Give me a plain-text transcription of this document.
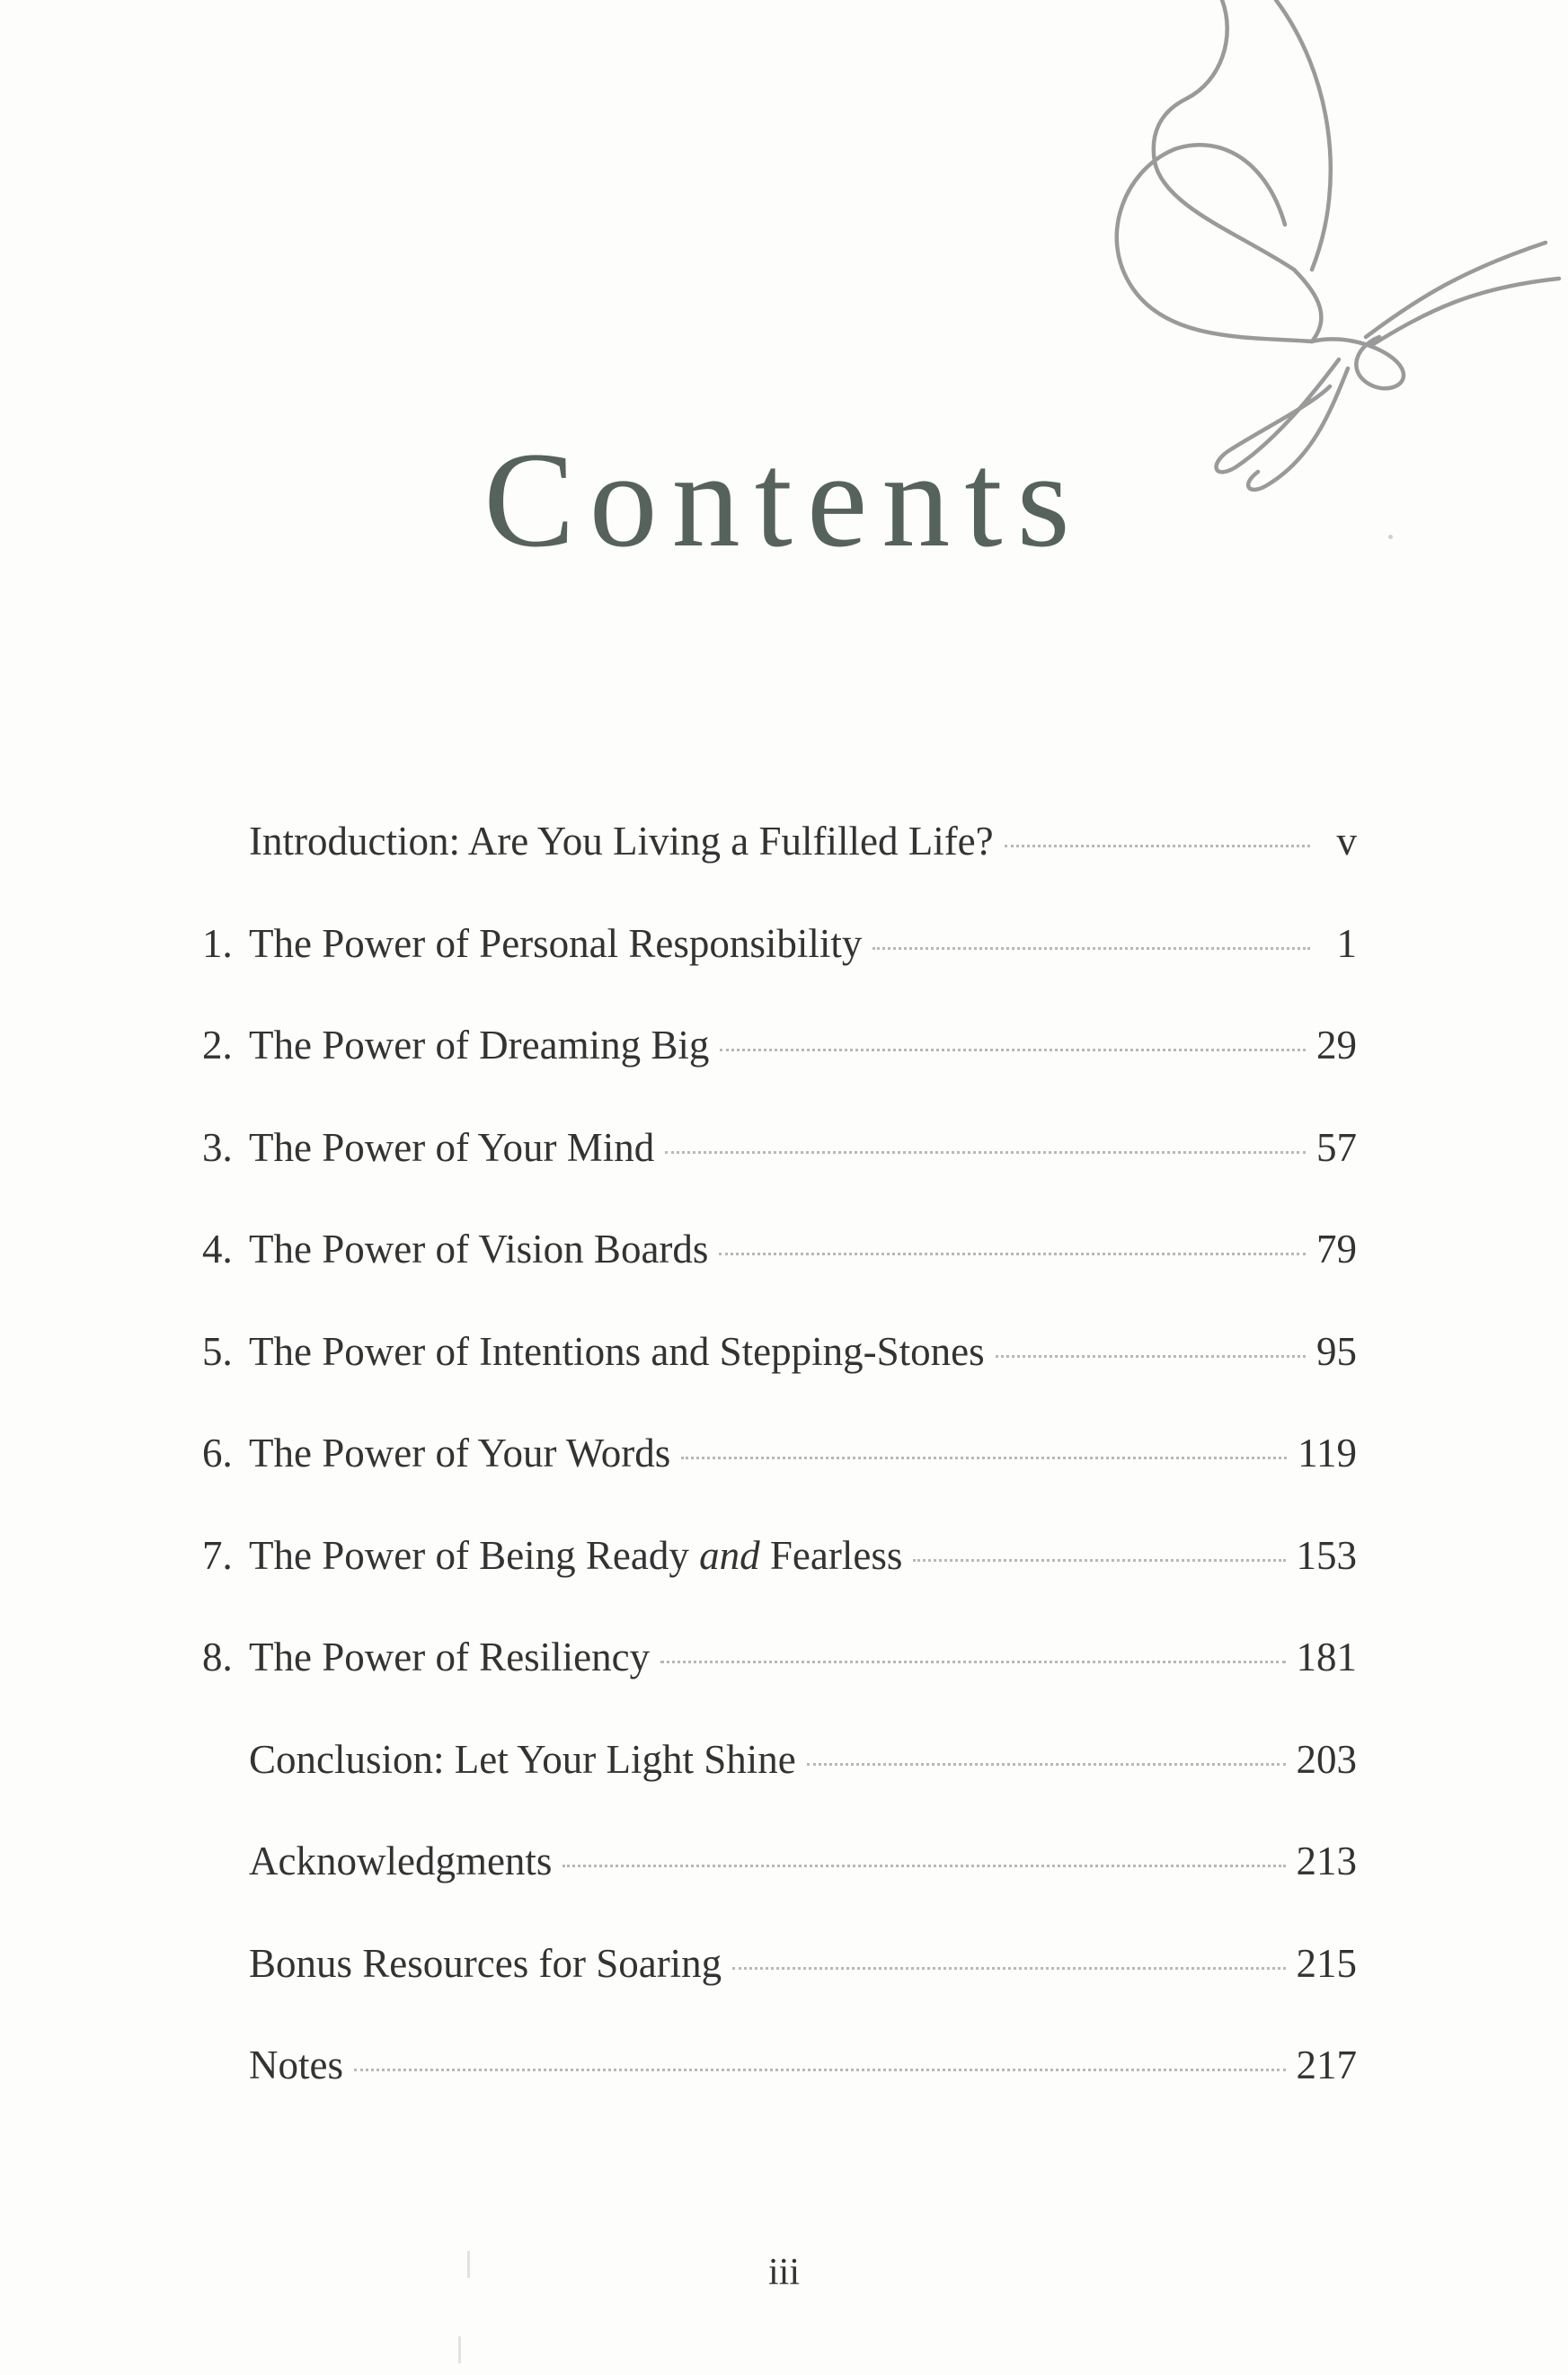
Contents
Introduction: Are You Living a Fulfilled Life?	v
1. The Power of Personal Responsibility	1
2. The Power of Dreaming Big	29
3. The Power of Your Mind	57
4. The Power of Vision Boards	79
5. The Power of Intentions and Stepping-Stones	95
6. The Power of Your Words	119
7. The Power of Being Ready and Fearless	153
8. The Power of Resiliency	181
Conclusion: Let Your Light Shine	203
Acknowledgments	213
Bonus Resources for Soaring	215
Notes	217
iii
